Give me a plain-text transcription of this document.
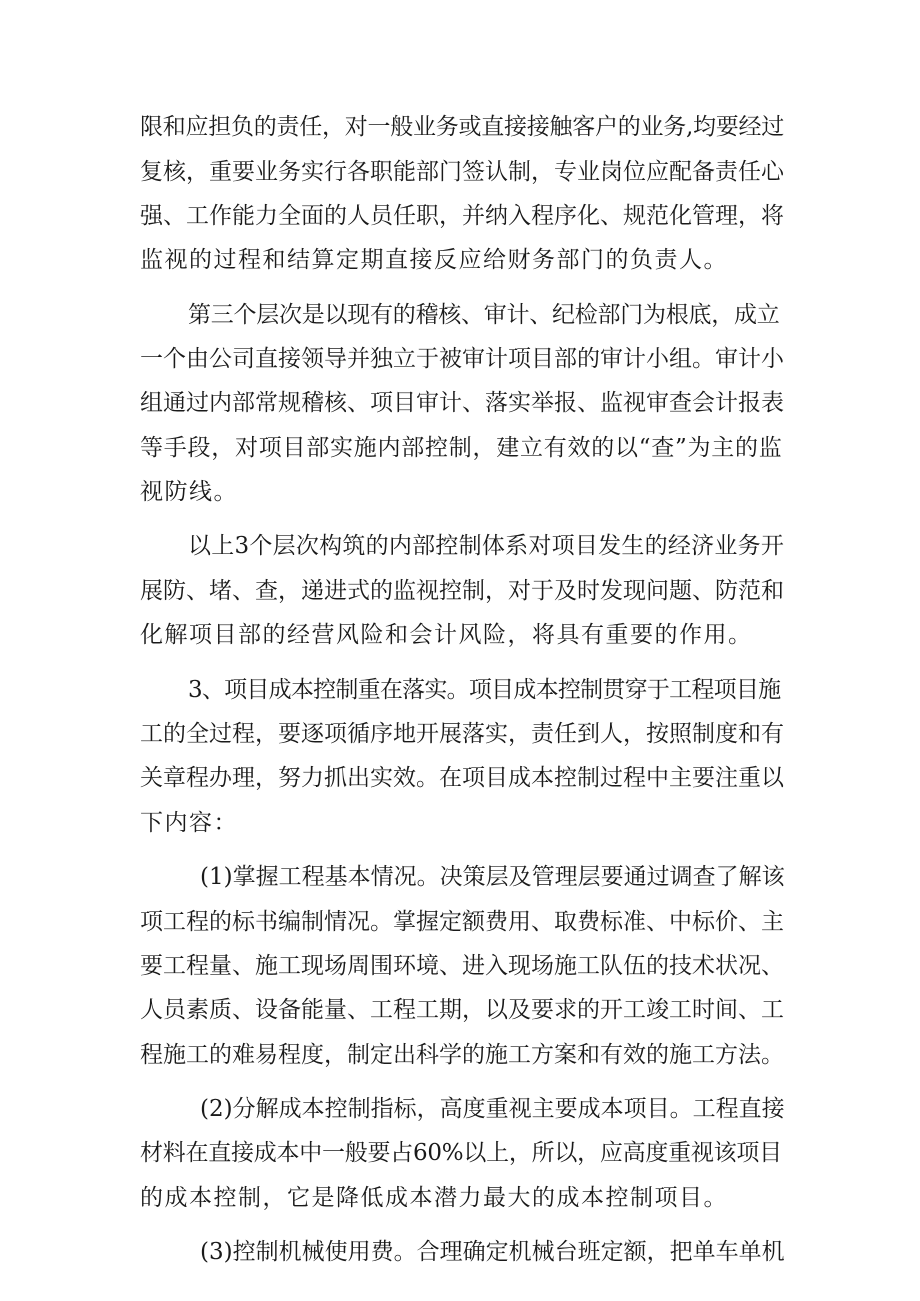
限和应担负的责任，对一般业务或直接接触客户的业务,均要经过
复核，重要业务实行各职能部门签认制，专业岗位应配备责任心
强、工作能力全面的人员任职，并纳入程序化、规范化管理，将
监视的过程和结算定期直接反应给财务部门的负责人。
第三个层次是以现有的稽核、审计、纪检部门为根底，成立
一个由公司直接领导并独立于被审计项目部的审计小组。审计小
组通过内部常规稽核、项目审计、落实举报、监视审查会计报表
等手段，对项目部实施内部控制，建立有效的以“查”为主的监
视防线。
以上3个层次构筑的内部控制体系对项目发生的经济业务开
展防、堵、查，递进式的监视控制，对于及时发现问题、防范和
化解项目部的经营风险和会计风险，将具有重要的作用。
3、项目成本控制重在落实。项目成本控制贯穿于工程项目施
工的全过程，要逐项循序地开展落实，责任到人，按照制度和有
关章程办理，努力抓出实效。在项目成本控制过程中主要注重以
下内容：
(1)掌握工程基本情况。决策层及管理层要通过调查了解该
项工程的标书编制情况。掌握定额费用、取费标准、中标价、主
要工程量、施工现场周围环境、进入现场施工队伍的技术状况、
人员素质、设备能量、工程工期，以及要求的开工竣工时间、工
程施工的难易程度，制定出科学的施工方案和有效的施工方法。
(2)分解成本控制指标，高度重视主要成本项目。工程直接
材料在直接成本中一般要占60%以上，所以，应高度重视该项目
的成本控制，它是降低成本潜力最大的成本控制项目。
(3)控制机械使用费。合理确定机械台班定额，把单车单机
